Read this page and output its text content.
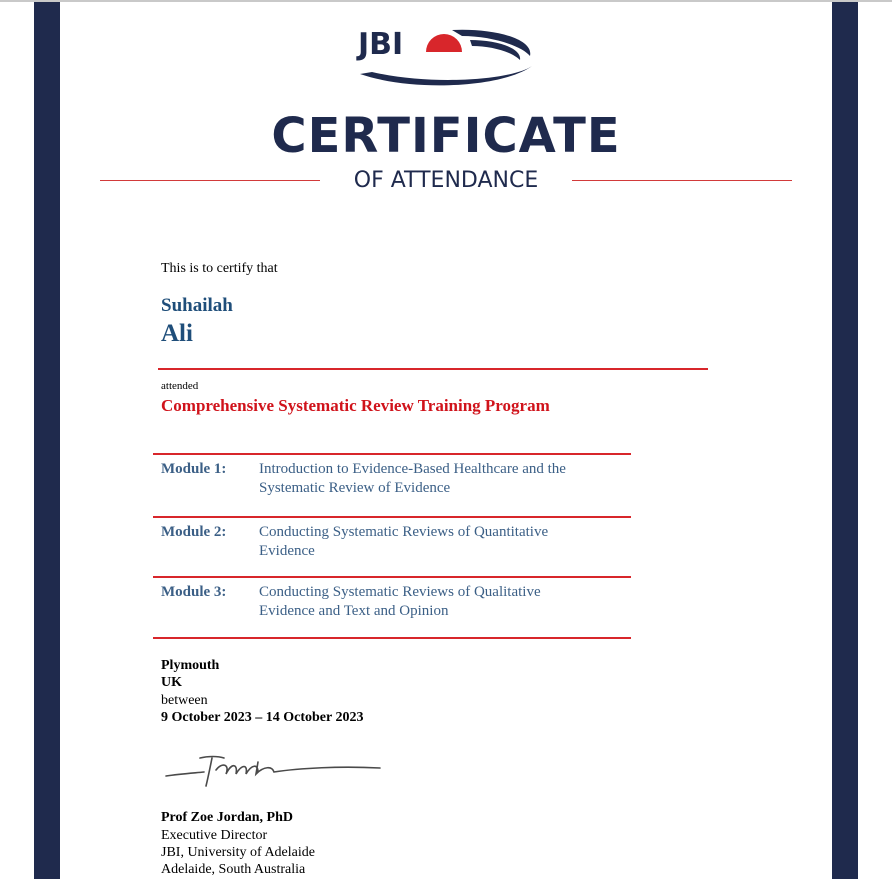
JBI
CERTIFICATE
OF ATTENDANCE
This is to certify that
Suhailah
Ali
attended
Comprehensive Systematic Review Training Program
Module 1: Introduction to Evidence-Based Healthcare and the
Systematic Review of Evidence
Module 2: Conducting Systematic Reviews of Quantitative
Evidence
Module 3: Conducting Systematic Reviews of Qualitative
Evidence and Text and Opinion
Plymouth
UK
between
9 October 2023 – 14 October 2023
Prof Zoe Jordan, PhD
Executive Director
JBI, University of Adelaide
Adelaide, South Australia
